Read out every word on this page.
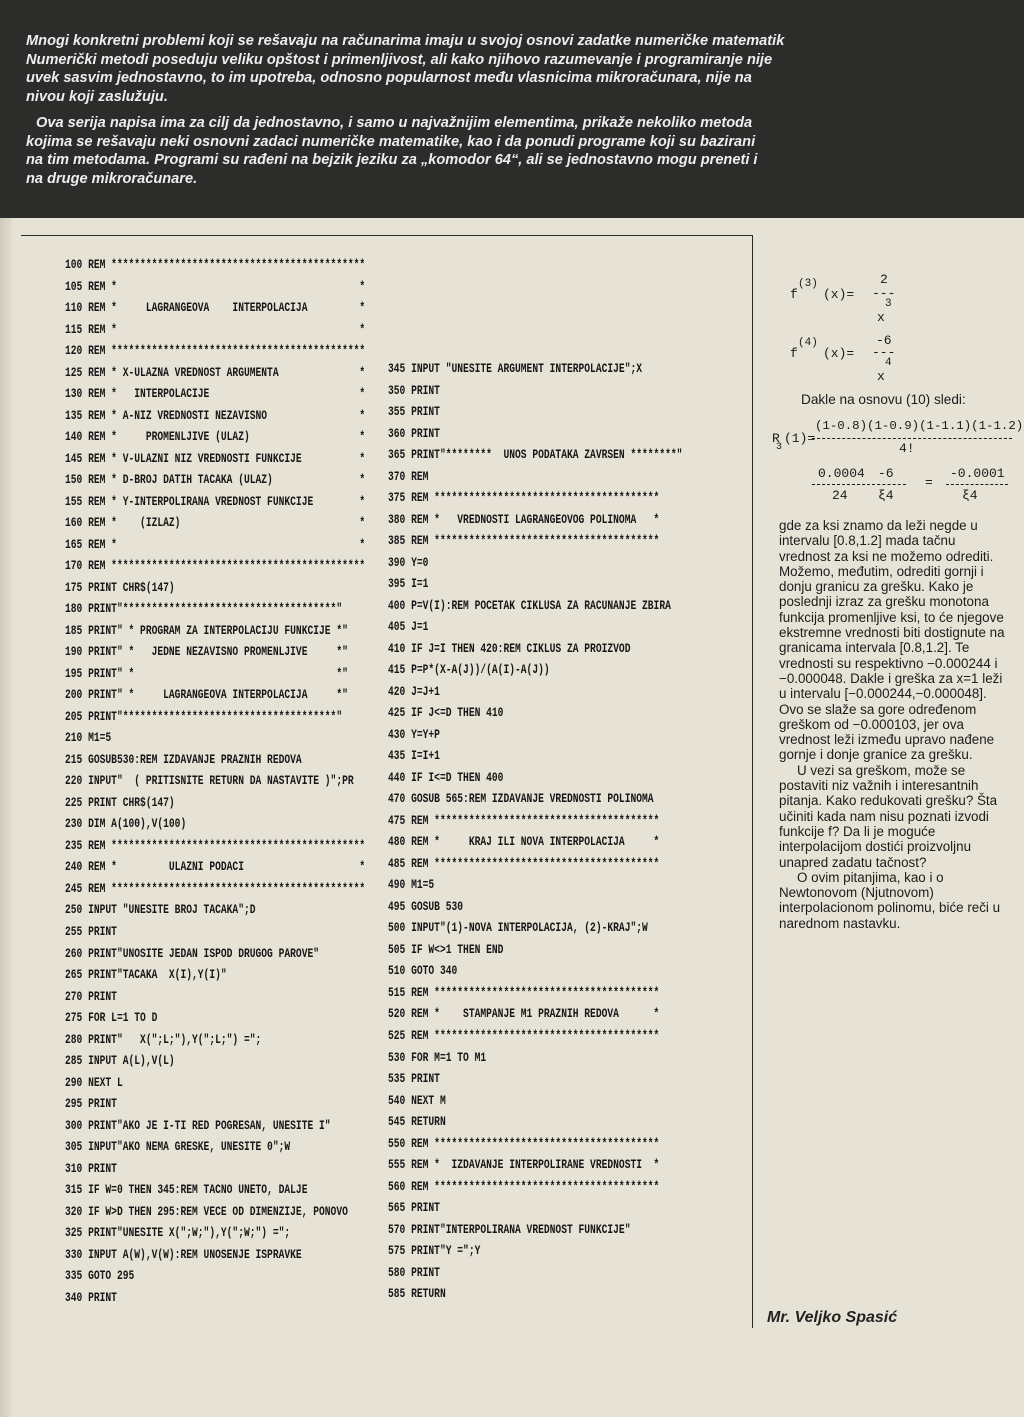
Mnogi konkretni problemi koji se rešavaju na računarima imaju u svojoj osnovi zadatke numeričke matematik
Numerički metodi poseduju veliku opštost i primenljivost, ali kako njihovo razumevanje i programiranje nije
uvek sasvim jednostavno, to im upotreba, odnosno popularnost među vlasnicima mikroračunara, nije na
nivou koji zaslužuju.

Ova serija napisa ima za cilj da jednostavno, i samo u najvažnijim elementima, prikaže nekoliko metoda
kojima se rešavaju neki osnovni zadaci numeričke matematike, kao i da ponudi programe koji su bazirani
na tim metodama. Programi su rađeni na bejzik jeziku za „komodor 64“, ali se jednostavno mogu preneti i
na druge mikroračunare.

100 REM ********************************************
105 REM *                                          *
110 REM *     LAGRANGEOVA    INTERPOLACIJA         *
115 REM *                                          *
120 REM ********************************************
125 REM * X-ULAZNA VREDNOST ARGUMENTA              *
130 REM *   INTERPOLACIJE                          *
135 REM * A-NIZ VREDNOSTI NEZAVISNO                *
140 REM *     PROMENLJIVE (ULAZ)                   *
145 REM * V-ULAZNI NIZ VREDNOSTI FUNKCIJE          *
150 REM * D-BROJ DATIH TACAKA (ULAZ)               *
155 REM * Y-INTERPOLIRANA VREDNOST FUNKCIJE        *
160 REM *    (IZLAZ)                               *
165 REM *                                          *
170 REM ********************************************
175 PRINT CHR$(147)
180 PRINT"*************************************"
185 PRINT" * PROGRAM ZA INTERPOLACIJU FUNKCIJE *"
190 PRINT" *   JEDNE NEZAVISNO PROMENLJIVE     *"
195 PRINT" *                                   *"
200 PRINT" *     LAGRANGEOVA INTERPOLACIJA     *"
205 PRINT"*************************************"
210 M1=5
215 GOSUB530:REM IZDAVANJE PRAZNIH REDOVA
220 INPUT"  ( PRITISNITE RETURN DA NASTAVITE )";PR
225 PRINT CHR$(147)
230 DIM A(100),V(100)
235 REM ********************************************
240 REM *         ULAZNI PODACI                    *
245 REM ********************************************
250 INPUT "UNESITE BROJ TACAKA";D
255 PRINT
260 PRINT"UNOSITE JEDAN ISPOD DRUGOG PAROVE"
265 PRINT"TACAKA  X(I),Y(I)"
270 PRINT
275 FOR L=1 TO D
280 PRINT"   X(";L;"),Y(";L;") =";
285 INPUT A(L),V(L)
290 NEXT L
295 PRINT
300 PRINT"AKO JE I-TI RED POGRESAN, UNESITE I"
305 INPUT"AKO NEMA GRESKE, UNESITE 0";W
310 PRINT
315 IF W=0 THEN 345:REM TACNO UNETO, DALJE
320 IF W>D THEN 295:REM VECE OD DIMENZIJE, PONOVO
325 PRINT"UNESITE X(";W;"),Y(";W;") =";
330 INPUT A(W),V(W):REM UNOSENJE ISPRAVKE
335 GOTO 295
340 PRINT
345 INPUT "UNESITE ARGUMENT INTERPOLACIJE";X
350 PRINT
355 PRINT
360 PRINT
365 PRINT"********  UNOS PODATAKA ZAVRSEN ********"
370 REM
375 REM ***************************************
380 REM *   VREDNOSTI LAGRANGEOVOG POLINOMA   *
385 REM ***************************************
390 Y=0
395 I=1
400 P=V(I):REM POCETAK CIKLUSA ZA RACUNANJE ZBIRA
405 J=1
410 IF J=I THEN 420:REM CIKLUS ZA PROIZVOD
415 P=P*(X-A(J))/(A(I)-A(J))
420 J=J+1
425 IF J<=D THEN 410
430 Y=Y+P
435 I=I+1
440 IF I<=D THEN 400
470 GOSUB 565:REM IZDAVANJE VREDNOSTI POLINOMA
475 REM ***************************************
480 REM *     KRAJ ILI NOVA INTERPOLACIJA     *
485 REM ***************************************
490 M1=5
495 GOSUB 530
500 INPUT"(1)-NOVA INTERPOLACIJA, (2)-KRAJ";W
505 IF W<>1 THEN END
510 GOTO 340
515 REM ***************************************
520 REM *    STAMPANJE M1 PRAZNIH REDOVA      *
525 REM ***************************************
530 FOR M=1 TO M1
535 PRINT
540 NEXT M
545 RETURN
550 REM ***************************************
555 REM *  IZDAVANJE INTERPOLIRANE VREDNOSTI  *
560 REM ***************************************
565 PRINT
570 PRINT"INTERPOLIRANA VREDNOST FUNKCIJE"
575 PRINT"Y =";Y
580 PRINT
585 RETURN
f
(3)
(x)=
2
---
3
x
f
(4)
(x)=
-6
---
4
x
Dakle na osnovu (10) sledi:
R
3
(1)=
(1-0.8)(1-0.9)(1-1.1)(1-1.2)
4!
0.0004
24
-6
ξ4
=
-0.0001
ξ4

gde za ksi znamo da leži negde u intervalu [0.8,1.2] mada tačnu vrednost za ksi ne možemo odrediti. Možemo, međutim, odrediti gornji i donju granicu za grešku. Kako je poslednji izraz za grešku monotona funkcija promenljive ksi, to će njegove ekstremne vrednosti biti dostignute na granicama intervala [0.8,1.2]. Te vrednosti su respektivno −0.000244 i −0.000048. Dakle i greška za x=1 leži u intervalu [−0.000244,−0.000048]. Ovo se slaže sa gore određenom greškom od −0.000103, jer ova vrednost leži između upravo nađene gornje i donje granice za grešku.

U vezi sa greškom, može se postaviti niz važnih i interesantnih pitanja. Kako redukovati grešku? Šta učiniti kada nam nisu poznati izvodi funkcije f? Da li je moguće interpolacijom dostići proizvoljnu unapred zadatu tačnost?

O ovim pitanjima, kao i o Newtonovom (Njutnovom) interpolacionom polinomu, biće reči u narednom nastavku.

Mr. Veljko Spasić
